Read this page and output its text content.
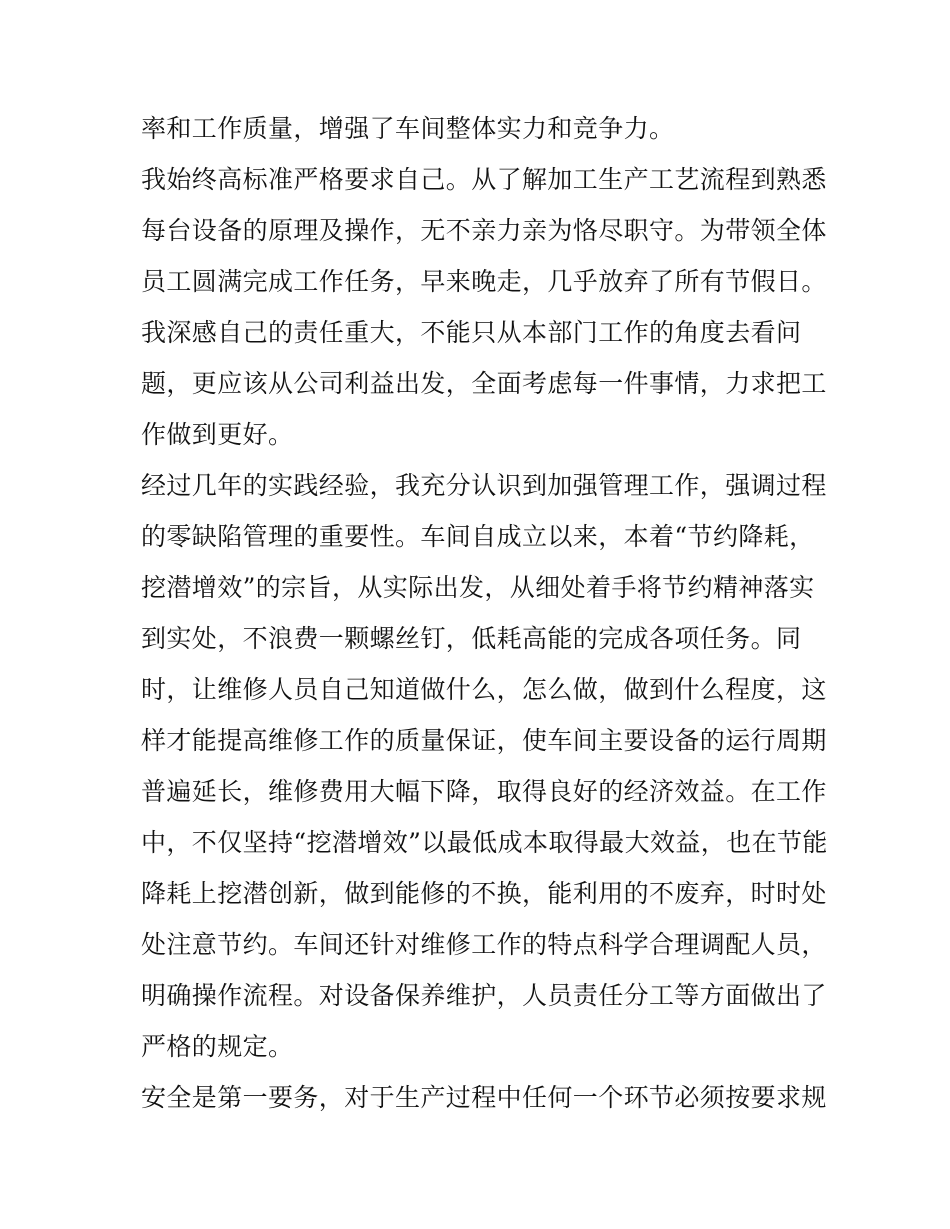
率和工作质量，增强了车间整体实力和竞争力。
我始终高标准严格要求自己。从了解加工生产工艺流程到熟悉
每台设备的原理及操作，无不亲力亲为恪尽职守。为带领全体
员工圆满完成工作任务，早来晚走，几乎放弃了所有节假日。
我深感自己的责任重大，不能只从本部门工作的角度去看问
题，更应该从公司利益出发，全面考虑每一件事情，力求把工
作做到更好。
经过几年的实践经验，我充分认识到加强管理工作，强调过程
的零缺陷管理的重要性。车间自成立以来，本着“节约降耗，
挖潜增效”的宗旨，从实际出发，从细处着手将节约精神落实
到实处，不浪费一颗螺丝钉，低耗高能的完成各项任务。同
时，让维修人员自己知道做什么，怎么做，做到什么程度，这
样才能提高维修工作的质量保证，使车间主要设备的运行周期
普遍延长，维修费用大幅下降，取得良好的经济效益。在工作
中，不仅坚持“挖潜增效”以最低成本取得最大效益，也在节能
降耗上挖潜创新，做到能修的不换，能利用的不废弃，时时处
处注意节约。车间还针对维修工作的特点科学合理调配人员，
明确操作流程。对设备保养维护，人员责任分工等方面做出了
严格的规定。
安全是第一要务，对于生产过程中任何一个环节必须按要求规
